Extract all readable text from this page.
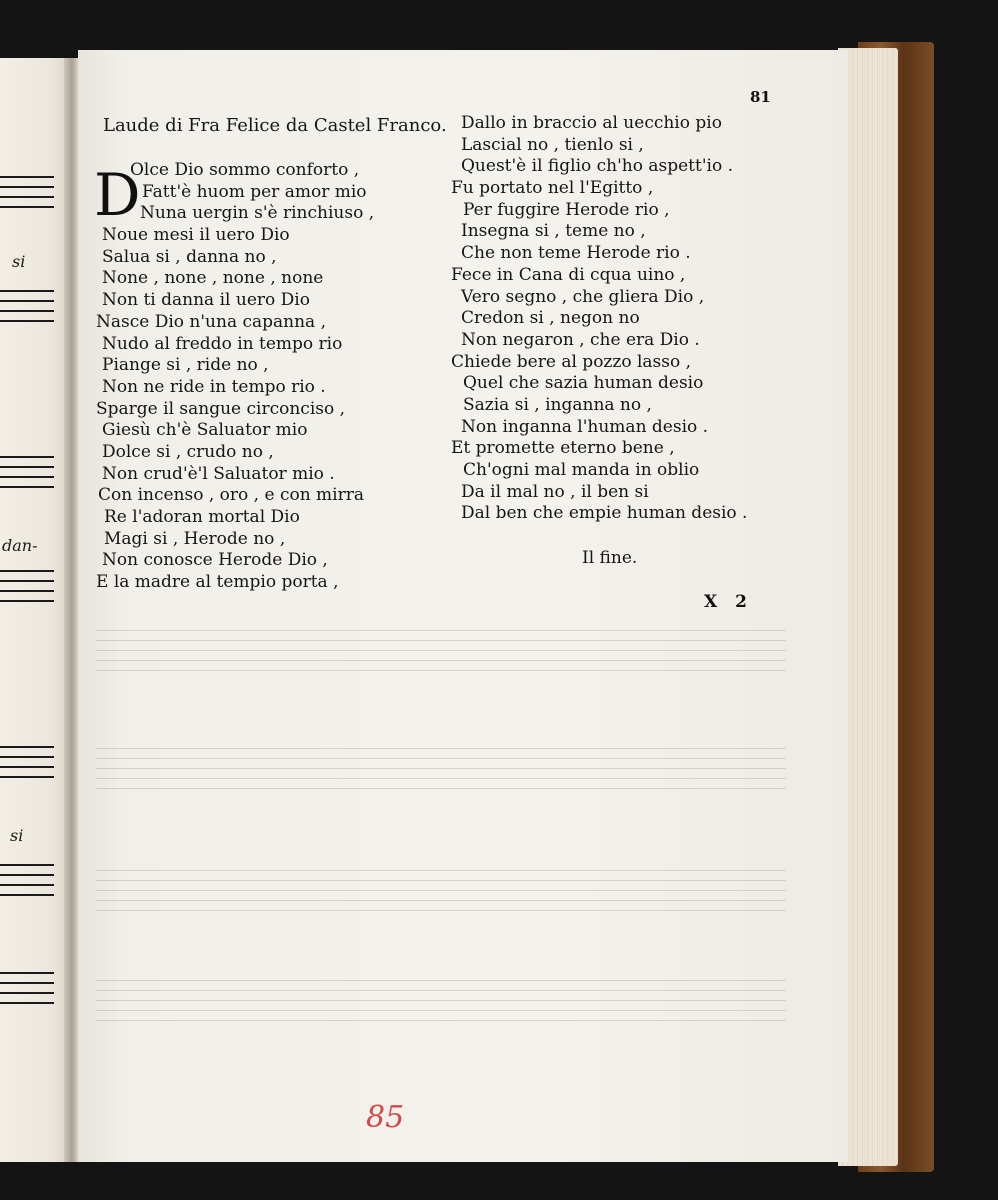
si
dan-
si
81
Laude di Fra Felice da Castel Franco.
D
Olce Dio sommo conforto ,
Fatt'è huom per amor mio
Nuna uergin s'è rinchiuso ,
Noue mesi il uero Dio
Salua si , danna no ,
None , none , none , none
Non ti danna il uero Dio
Nasce Dio n'una capanna ,
Nudo al freddo in tempo rio
Piange si , ride no ,
Non ne ride in tempo rio .
Sparge il sangue circonciso ,
Giesù ch'è Saluator mio
Dolce si , crudo no ,
Non crud'è'l Saluator mio .
Con incenso , oro , e con mirra
Re l'adoran mortal Dio
Magi si , Herode no ,
Non conosce Herode Dio ,
E la madre al tempio porta ,
Dallo in braccio al uecchio pio
Lascial no , tienlo si ,
Quest'è il figlio ch'ho aspett'io .
Fu portato nel l'Egitto ,
Per fuggire Herode rio ,
Insegna si , teme no ,
Che non teme Herode rio .
Fece in Cana di cqua uino ,
Vero segno , che gliera Dio ,
Credon si , negon no
Non negaron , che era Dio .
Chiede bere al pozzo lasso ,
Quel che sazia human desio
Sazia si , inganna no ,
Non inganna l'human desio .
Et promette eterno bene ,
Ch'ogni mal manda in oblio
Da il mal no , il ben si
Dal ben che empie human desio .
Il fine.
X 2
85
